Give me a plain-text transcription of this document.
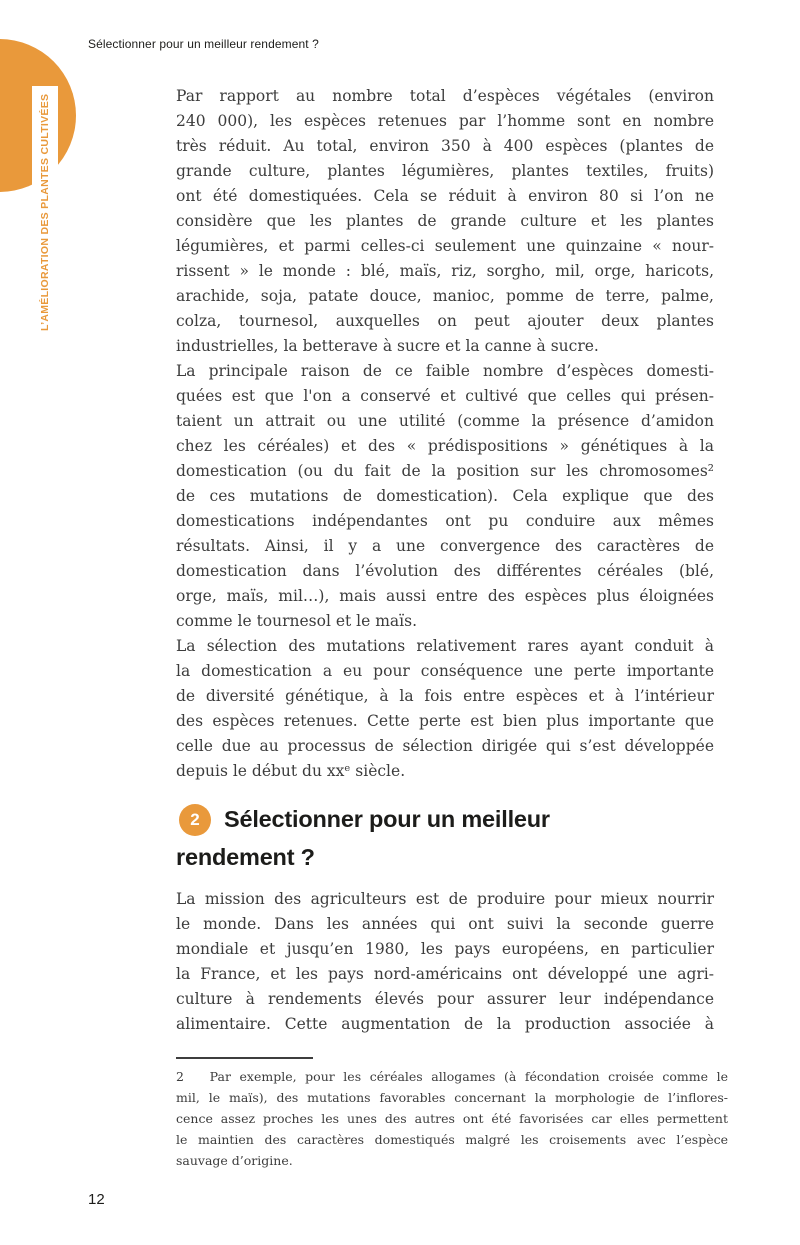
L’AMÉLIORATION DES PLANTES CULTIVÉES
Sélectionner pour un meilleur rendement ?
Par rapport au nombre total d’espèces végétales (environ
240 000), les espèces retenues par l’homme sont en nombre
très réduit. Au total, environ 350 à 400 espèces (plantes de
grande culture, plantes légumières, plantes textiles, fruits)
ont été domestiquées. Cela se réduit à environ 80 si l’on ne
considère que les plantes de grande culture et les plantes
légumières, et parmi celles-ci seulement une quinzaine « nour-
rissent » le monde : blé, maïs, riz, sorgho, mil, orge, haricots,
arachide, soja, patate douce, manioc, pomme de terre, palme,
colza, tournesol, auxquelles on peut ajouter deux plantes
industrielles, la betterave à sucre et la canne à sucre.
La principale raison de ce faible nombre d’espèces domesti-
quées est que l'on a conservé et cultivé que celles qui présen-
taient un attrait ou une utilité (comme la présence d’amidon
chez les céréales) et des « prédispositions » génétiques à la
domestication (ou du fait de la position sur les chromosomes²
de ces mutations de domestication). Cela explique que des
domestications indépendantes ont pu conduire aux mêmes
résultats. Ainsi, il y a une convergence des caractères de
domestication dans l’évolution des différentes céréales (blé,
orge, maïs, mil…), mais aussi entre des espèces plus éloignées
comme le tournesol et le maïs.
La sélection des mutations relativement rares ayant conduit à
la domestication a eu pour conséquence une perte importante
de diversité génétique, à la fois entre espèces et à l’intérieur
des espèces retenues. Cette perte est bien plus importante que
celle due au processus de sélection dirigée qui s’est développée
depuis le début du xxᵉ siècle.
2	Sélectionner pour un meilleur
rendement ?
La mission des agriculteurs est de produire pour mieux nourrir
le monde. Dans les années qui ont suivi la seconde guerre
mondiale et jusqu’en 1980, les pays européens, en particulier
la France, et les pays nord-américains ont développé une agri-
culture à rendements élevés pour assurer leur indépendance
alimentaire. Cette augmentation de la production associée à
2   Par exemple, pour les céréales allogames (à fécondation croisée comme le
mil, le maïs), des mutations favorables concernant la morphologie de l’inflores-
cence assez proches les unes des autres ont été favorisées car elles permettent
le maintien des caractères domestiqués malgré les croisements avec l’espèce
sauvage d’origine.
12
